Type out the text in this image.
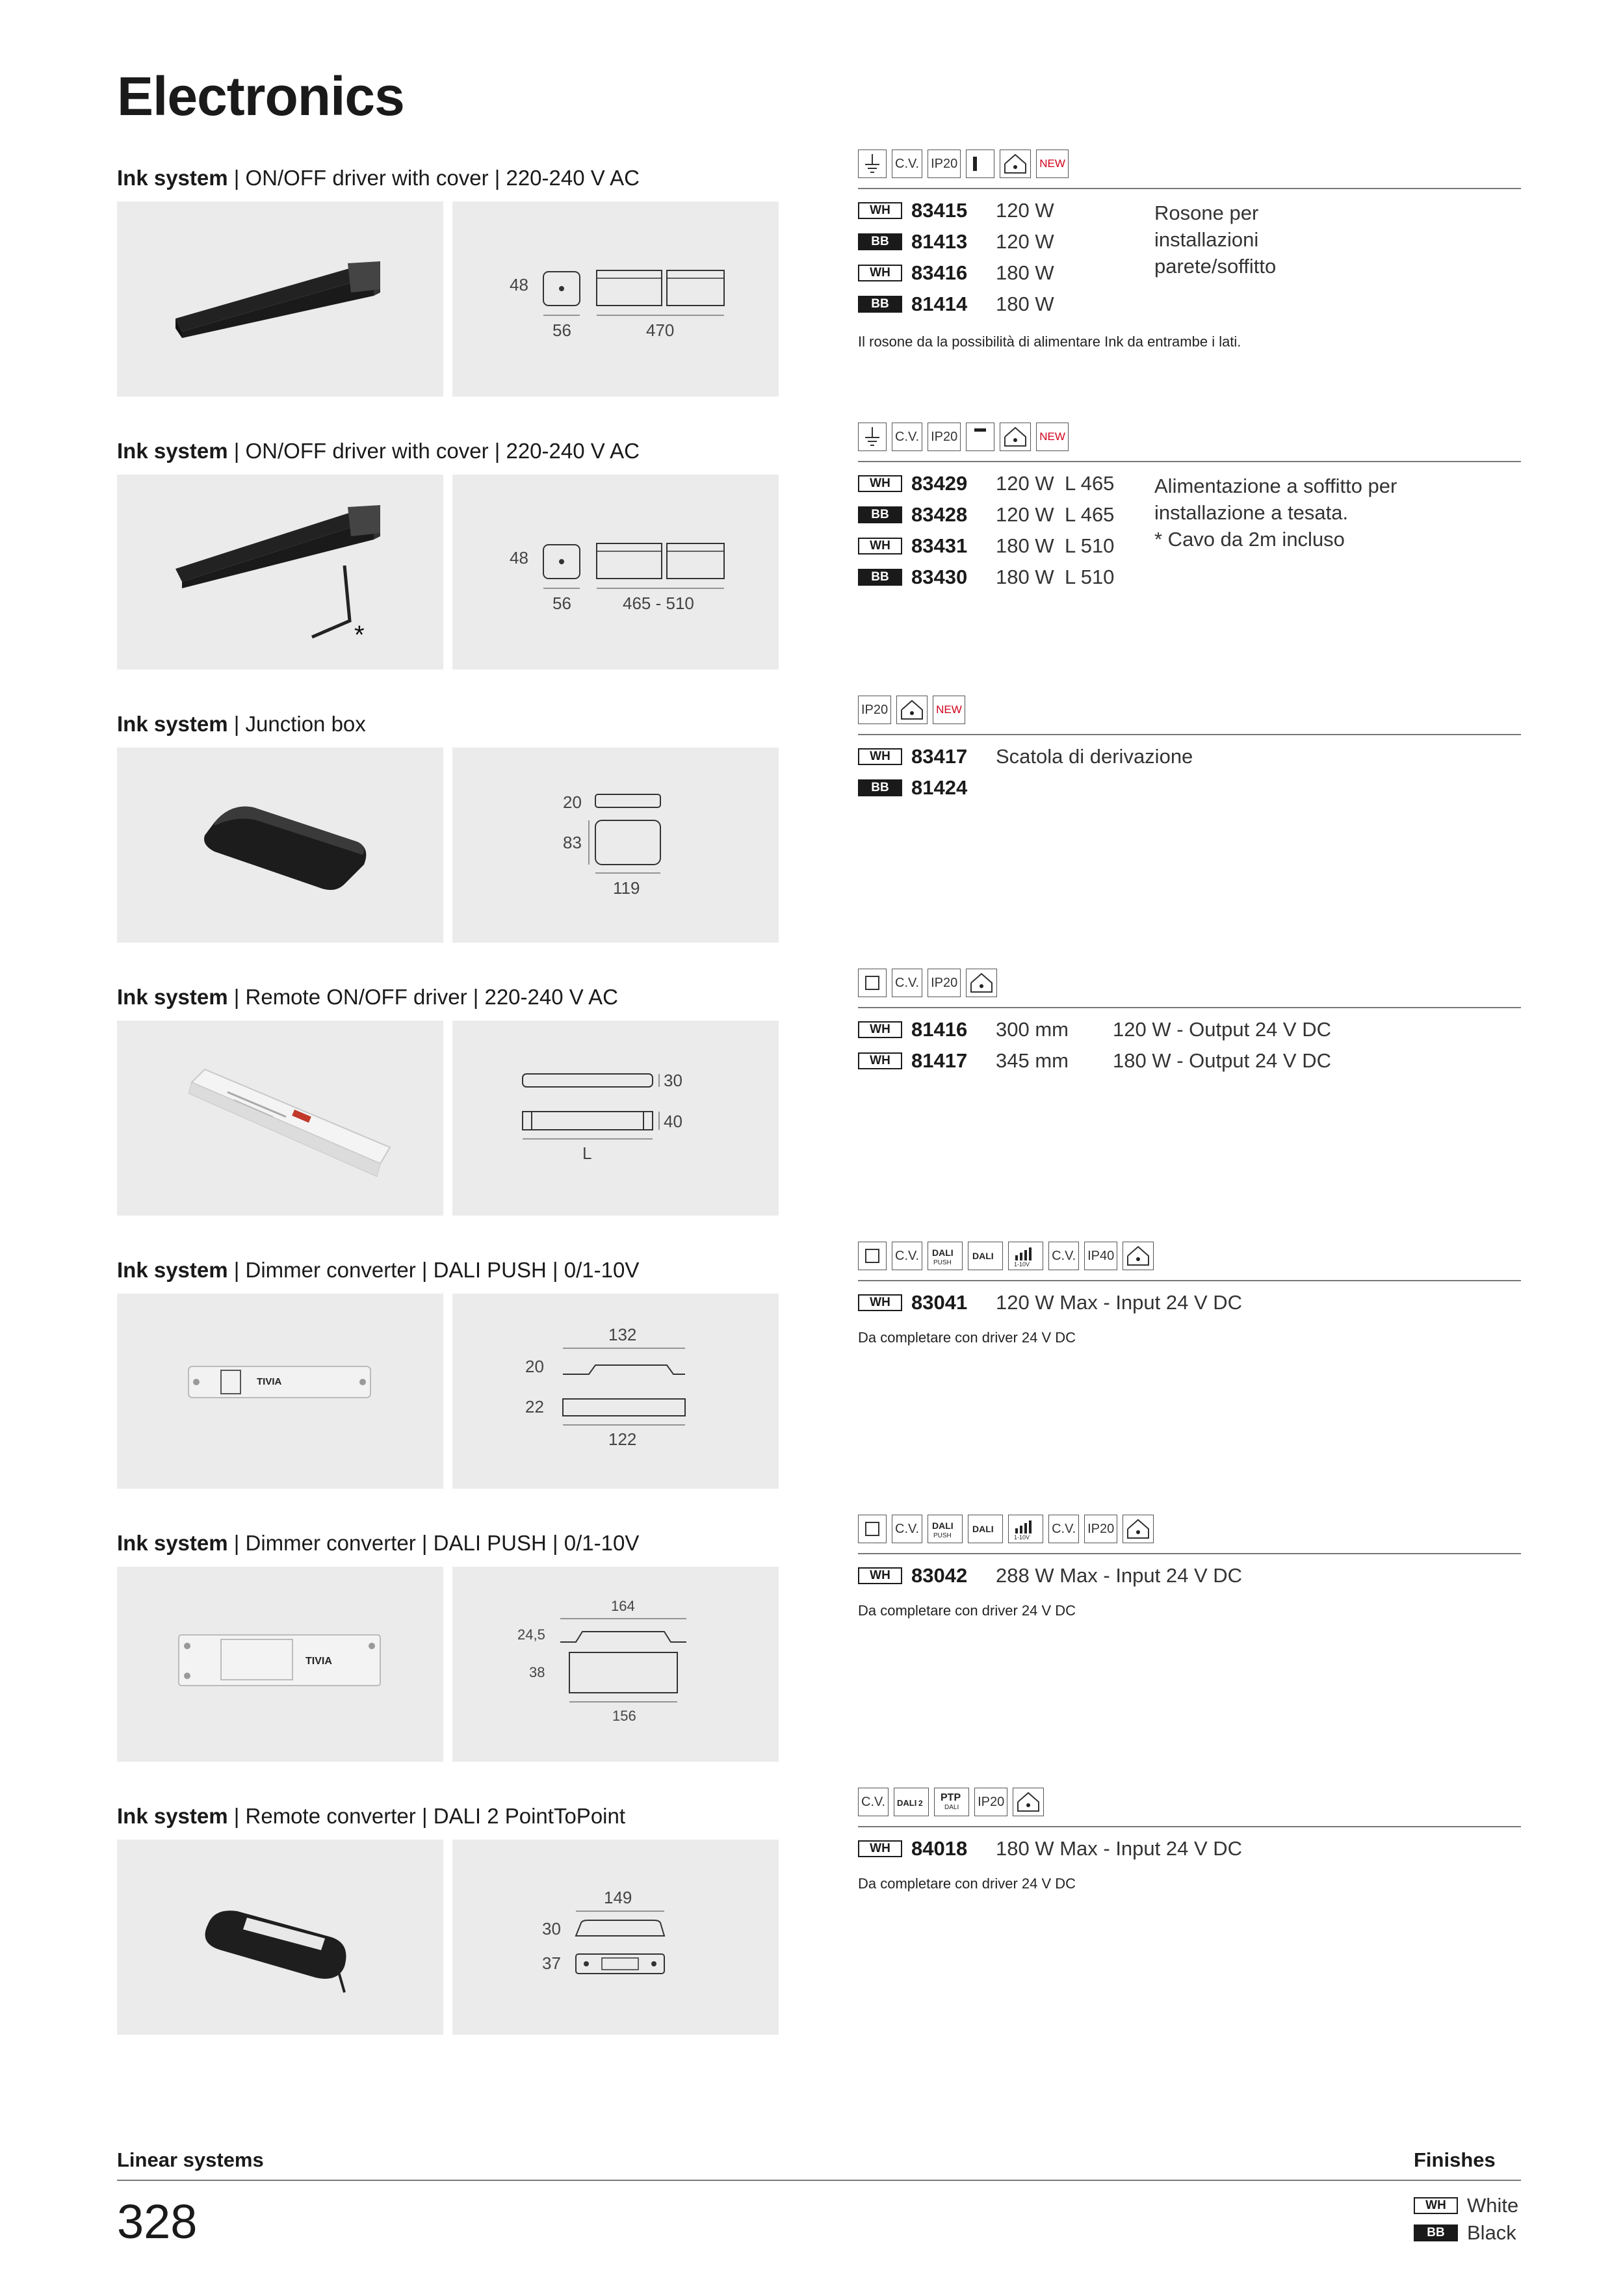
Electronics
Ink system | ON/OFF driver with cover | 220-240 V AC
48
56	470
C.V. IP20	NEW
WH	83415	120 W
BB	81413	120 W
WH	83416	180 W
BB	81414	180 W
Rosone per
installazioni
parete/soffitto
Il rosone da la possibilità di alimentare Ink da entrambe i lati.
Ink system | ON/OFF driver with cover | 220-240 V AC
*
48
56	465 - 510
C.V. IP20	NEW
WH	83429	120 W L 465
BB	83428	120 W L 465
WH	83431	180 W L 510
BB	83430	180 W L 510
Alimentazione a soffitto per
installazione a tesata.
* Cavo da 2m incluso
Ink system | Junction box
20
83
119
IP20	NEW
WH	83417	Scatola di derivazione
BB	81424
Ink system | Remote ON/OFF driver | 220-240 V AC
30
40
L
C.V. IP20
WH	81416	300 mm	120 W - Output 24 V DC
WH	81417	345 mm	180 W - Output 24 V DC
Ink system | Dimmer converter | DALI PUSH | 0/1-10V
TIVIA
132
20
22
122
C.V.	DALI
PUSH
DALI
1-10V
C.V. IP40
WH	83041	120 W Max - Input 24 V DC
Da completare con driver 24 V DC
Ink system | Dimmer converter | DALI PUSH | 0/1-10V
TIVIA
164
24,5
38
156
C.V.	DALI
PUSH
DALI
1-10V
C.V. IP20
WH	83042	288 W Max - Input 24 V DC
Da completare con driver 24 V DC
Ink system | Remote converter | DALI 2 PointToPoint
149
30
37
C.V.	DALI 2 PTP
DALI IP20
WH	84018	180 W Max - Input 24 V DC
Da completare con driver 24 V DC
Linear systems
328
Finishes
WH	White
BB	Black
